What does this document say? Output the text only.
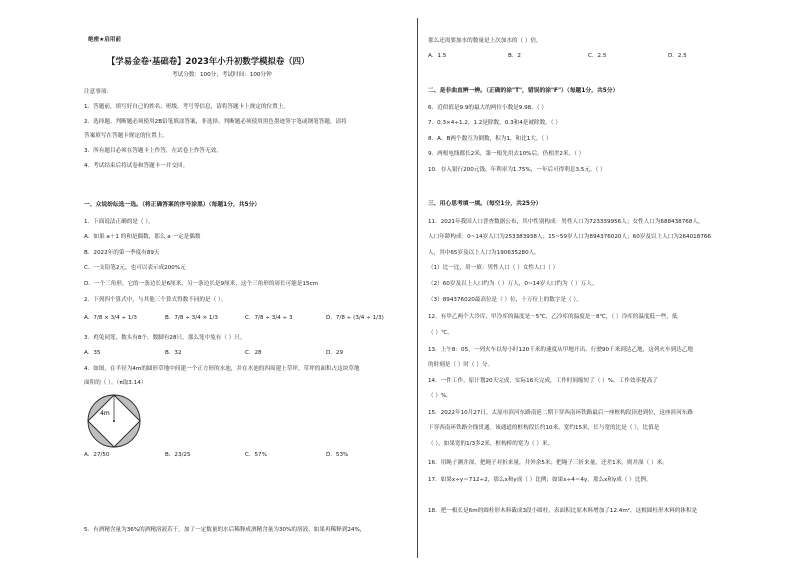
绝密★启用前
【学易金卷·基础卷】2023年小升初数学模拟卷（四）
考试分数：100分；考试时间：100分钟
注意事项：
1．答题前，填写好自己的姓名、班级、考号等信息，请将答题卡上规定的位置上。
2．选择题、判断题必须使用2B铅笔填涂答案，非选择、判断题必须使用黑色墨迹签字笔或钢笔答题，请将
答案填写在答题卡规定的位置上。
3．所有题目必须在答题卡上作答，在试卷上作答无效。
4．考试结束后将试卷和答题卡一并交回。
一、众说纷纭选一选。（将正确答案的序号涂黑）（每题1分，共5分）
1．下面说法正确的是（ ）。
A．如果 a＋1 的和是偶数，那么 a 一定是偶数
B．2022年的第一季度有89天
C．一支铅笔2元，也可以表示成200%元
D．一个三角形，它的一条边长是6厘米，另一条边长是9厘米，这个三角形的周长可能是15cm
2．下列四个算式中，与其他三个算式得数不同的是（ ）。
A．7/8 × 3/4 ÷ 1/3	B．7/8 ÷ 3/4 × 1/3	C．7/8 ÷ 3/4 ÷ 3	D．7/8 ÷ (3/4 ÷ 1/3)
3．鸡兔同笼，数头有8个，数脚有28只，那么笼中兔有（ ）只。
A．35	B．32	C．28	D．29
4．如图，在半径为4m的圆形草地中间建一个正方形的水池，并在水池的四周建上草坪，草坪的面积占这块草地
面积的（ ）。（π取3.14）
4m
A．27/50	B．23/25	C．57%	D．53%
5．有酒精含量为36%的酒精溶液若干，加了一定数量的水后稀释成酒精含量为30%的溶液，如果再稀释到24%，
那么还需要加水的数量是上次加水的（ ）倍。
A．1.5	B．2	C．2.5	D．2.5
二、是非曲直辨一辨。（正确的涂"T"，错误的涂"F"）（每题1分，共5分）
6．近似值是9.9的最大的两位小数是9.98。（ ）
7．0.3×4÷1.2，1.2是除数，0.3和4是被除数。（ ）
8．A、B两个数互为倒数，积为1，和比1大。（ ）
9．两根电线都长2米，第一根先用去10%后，仍相差2米。（ ）
10．存入银行200元钱，年利率为1.75%，一年后可得利息3.5元。（ ）
三、用心思考填一填。（每空1分，共25分）
11．2021年我国人口普查数据公布，其中性别构成：男性人口为723339956人；女性人口为688438768人，
人口年龄构成：0~14岁人口为253383938人；15~59岁人口为894376020人；60岁及以上人口为264018766
人，其中65岁及以上人口为190635280人。
（1）比一比，用一填：男性人口（ ）女性人口（ ）
（2）60岁及以上人口约为（ ）万人，0~14岁人口约为（ ）万人。
（3）894376020最高位是（ ）位，十万位上的数字是（ ）。
12．有甲乙两个大冷库，甲冷库的温度是－5℃，乙冷库的温度是－8℃，（ ）冷库的温度低一些，低
（ ）℃。
13．上午8：05，一列火车以每小时120千米的速度从甲地开出，行驶90千米到达乙地，这列火车到达乙地
的时刻是（ ）时（ ）分。
14．一件工作，原计划20天完成，实际16天完成，工作时间缩短了（ ）%，工作效率提高了
（ ）%。
15．2022年10月27日，太原市滨河东路南延二期下穿西南环铁路最后一座框构段顶进到位，这座滨河东路
下穿西南环铁路全线贯通。该通道的框构段长约10米，宽约15米，长与宽的比是（ ），比值是
（ ），如果宽的1/3多2米，框构桥的宽为（ ）米。
16．用绳子测井深，把绳子对折来量，井外余5米；把绳子三折来量，还差1米，则井深（ ）米。
17．如果x÷y＝712÷2，那么x和y成（ ）比例；如果x÷4＝4y，那么x和y成（ ）比例。
18．把一根长是6m的圆柱形木料截成3段小圆柱，表面积比原木料增加了12.4m²，这根圆柱形木料的体积是
